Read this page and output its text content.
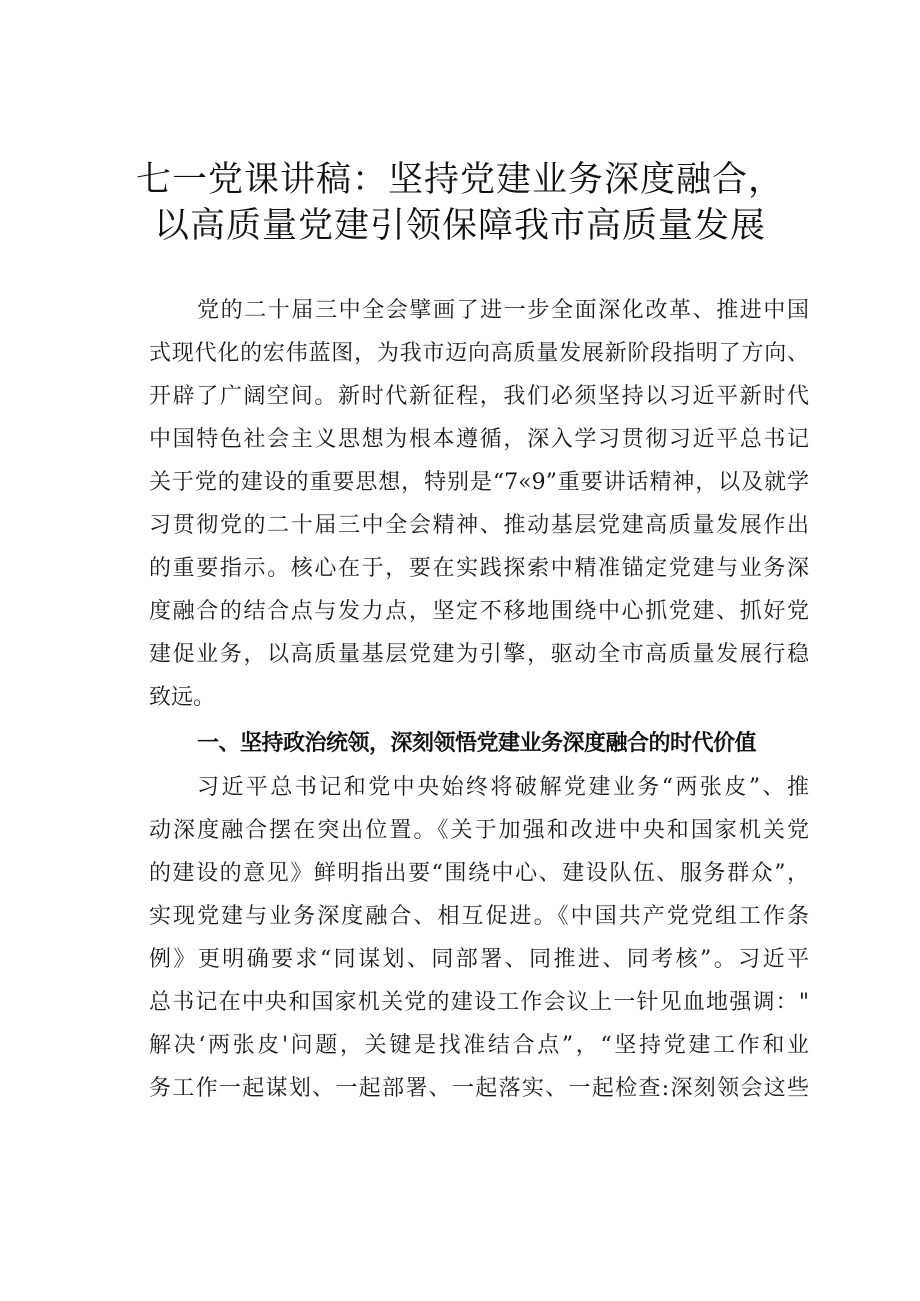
七一党课讲稿：坚持党建业务深度融合，
以高质量党建引领保障我市高质量发展
党的二十届三中全会擘画了进一步全面深化改革、推进中国
式现代化的宏伟蓝图，为我市迈向高质量发展新阶段指明了方向、
开辟了广阔空间。新时代新征程，我们必须坚持以习近平新时代
中国特色社会主义思想为根本遵循，深入学习贯彻习近平总书记
关于党的建设的重要思想，特别是“7«9”重要讲话精神，以及就学
习贯彻党的二十届三中全会精神、推动基层党建高质量发展作出
的重要指示。核心在于，要在实践探索中精准锚定党建与业务深
度融合的结合点与发力点，坚定不移地围绕中心抓党建、抓好党
建促业务，以高质量基层党建为引擎，驱动全市高质量发展行稳
致远。
一、坚持政治统领，深刻领悟党建业务深度融合的时代价值
习近平总书记和党中央始终将破解党建业务“两张皮”、推
动深度融合摆在突出位置。《关于加强和改进中央和国家机关党
的建设的意见》鲜明指出要“围绕中心、建设队伍、服务群众”，
实现党建与业务深度融合、相互促进。《中国共产党党组工作条
例》更明确要求“同谋划、同部署、同推进、同考核”。习近平
总书记在中央和国家机关党的建设工作会议上一针见血地强调："
解决‘两张皮'问题，关键是找准结合点”，“坚持党建工作和业
务工作一起谋划、一起部署、一起落实、一起检查:深刻领会这些
